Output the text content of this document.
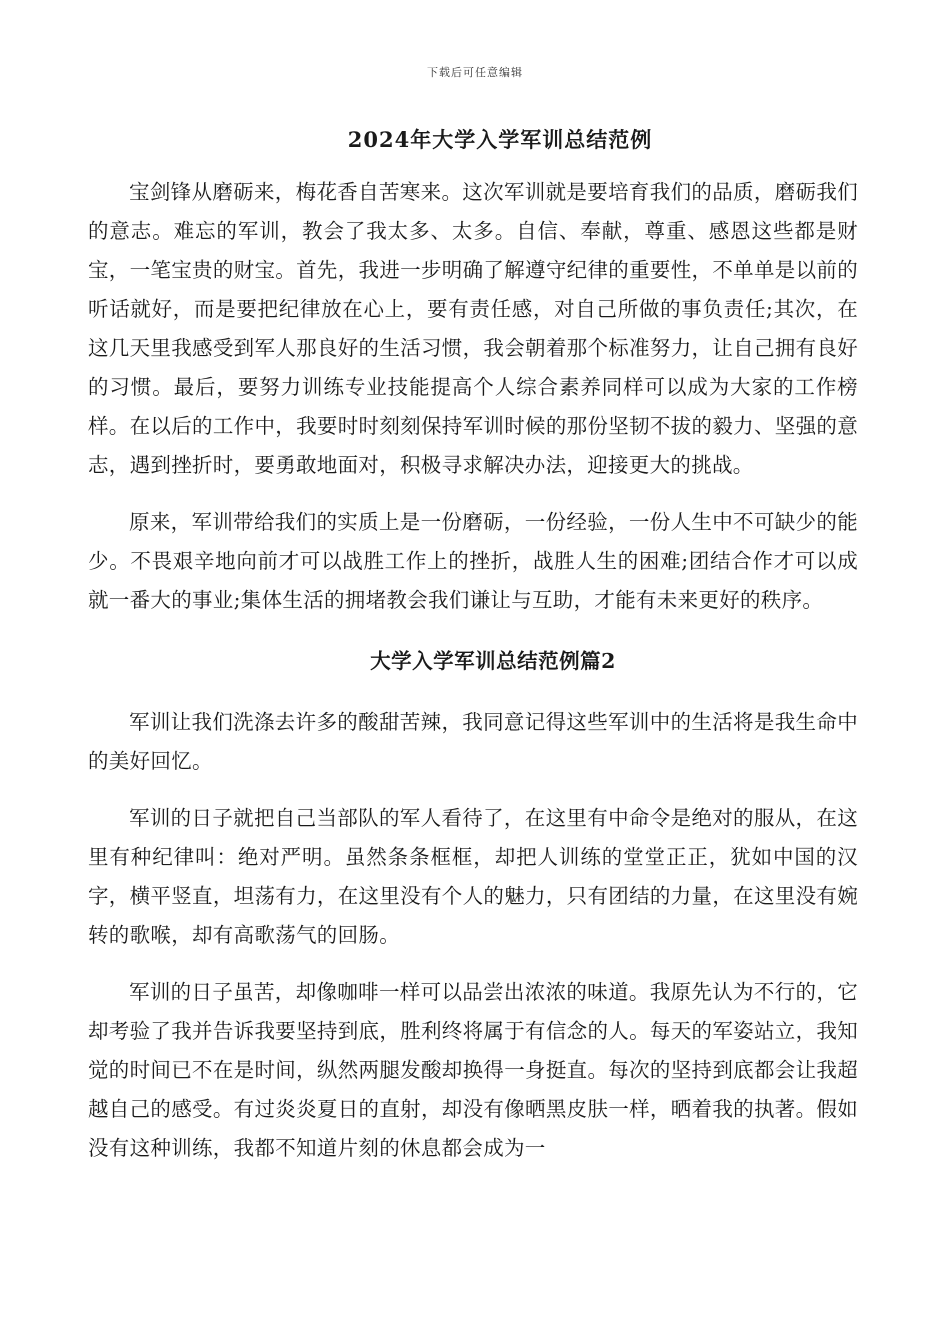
下载后可任意编辑
2024年大学入学军训总结范例

宝剑锋从磨砺来，梅花香自苦寒来。这次军训就是要培育我们的品质，磨砺我们的意志。难忘的军训，教会了我太多、太多。自信、奉献，尊重、感恩这些都是财宝，一笔宝贵的财宝。首先，我进一步明确了解遵守纪律的重要性，不单单是以前的听话就好，而是要把纪律放在心上，要有责任感，对自己所做的事负责任;其次，在这几天里我感受到军人那良好的生活习惯，我会朝着那个标准努力，让自己拥有良好的习惯。最后，要努力训练专业技能提高个人综合素养同样可以成为大家的工作榜样。在以后的工作中，我要时时刻刻保持军训时候的那份坚韧不拔的毅力、坚强的意志，遇到挫折时，要勇敢地面对，积极寻求解决办法，迎接更大的挑战。

原来，军训带给我们的实质上是一份磨砺，一份经验，一份人生中不可缺少的能少。不畏艰辛地向前才可以战胜工作上的挫折，战胜人生的困难;团结合作才可以成就一番大的事业;集体生活的拥堵教会我们谦让与互助，才能有未来更好的秩序。

大学入学军训总结范例篇2

军训让我们洗涤去许多的酸甜苦辣，我同意记得这些军训中的生活将是我生命中的美好回忆。

军训的日子就把自己当部队的军人看待了，在这里有中命令是绝对的服从，在这里有种纪律叫：绝对严明。虽然条条框框，却把人训练的堂堂正正，犹如中国的汉字，横平竖直，坦荡有力，在这里没有个人的魅力，只有团结的力量，在这里没有婉转的歌喉，却有高歌荡气的回肠。

军训的日子虽苦，却像咖啡一样可以品尝出浓浓的味道。我原先认为不行的，它却考验了我并告诉我要坚持到底，胜利终将属于有信念的人。每天的军姿站立，我知觉的时间已不在是时间，纵然两腿发酸却换得一身挺直。每次的坚持到底都会让我超越自己的感受。有过炎炎夏日的直射，却没有像晒黑皮肤一样，晒着我的执著。假如没有这种训练，我都不知道片刻的休息都会成为一
